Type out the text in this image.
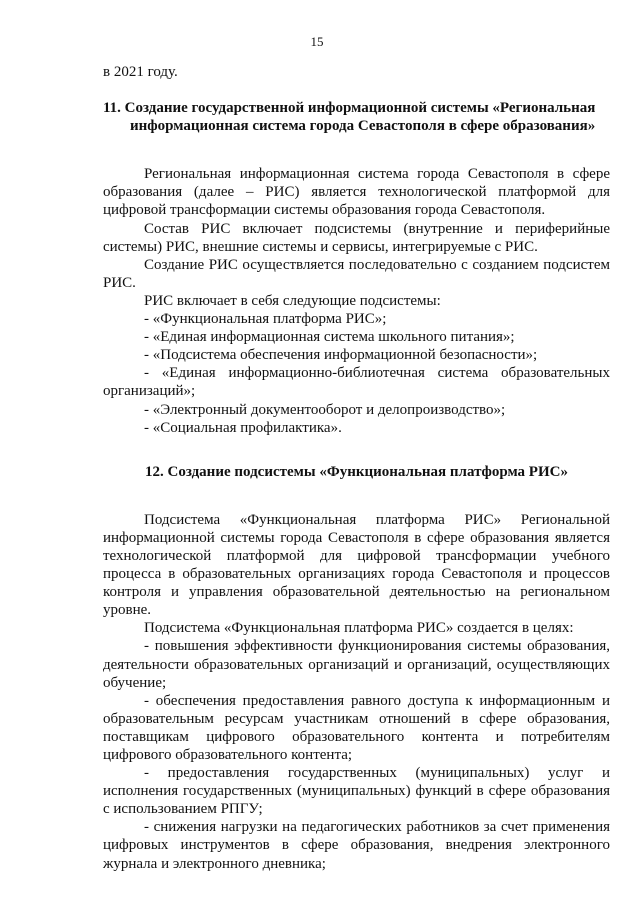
15

в 2021 году.

11. Создание государственной информационной системы «Региональная информационная система города Севастополя в сфере образования»

Региональная информационная система города Севастополя в сфере образования (далее – РИС) является технологической платформой для цифровой трансформации системы образования города Севастополя.

Состав РИС включает подсистемы (внутренние и периферийные системы) РИС, внешние системы и сервисы, интегрируемые с РИС.

Создание РИС осуществляется последовательно с созданием подсистем РИС.

РИС включает в себя следующие подсистемы:

- «Функциональная платформа РИС»;

- «Единая информационная система школьного питания»;

- «Подсистема обеспечения информационной безопасности»;

- «Единая информационно-библиотечная система образовательных организаций»;

- «Электронный документооборот и делопроизводство»;

- «Социальная профилактика».

12. Создание подсистемы «Функциональная платформа РИС»

Подсистема «Функциональная платформа РИС» Региональной информационной системы города Севастополя в сфере образования является технологической платформой для цифровой трансформации учебного процесса в образовательных организациях города Севастополя и процессов контроля и управления образовательной деятельностью на региональном уровне.

Подсистема «Функциональная платформа РИС» создается в целях:

- повышения эффективности функционирования системы образования, деятельности образовательных организаций и организаций, осуществляющих обучение;

- обеспечения предоставления равного доступа к информационным и образовательным ресурсам участникам отношений в сфере образования, поставщикам цифрового образовательного контента и потребителям цифрового образовательного контента;

- предоставления государственных (муниципальных) услуг и исполнения государственных (муниципальных) функций в сфере образования с использованием РПГУ;

- снижения нагрузки на педагогических работников за счет применения цифровых инструментов в сфере образования, внедрения электронного журнала и электронного дневника;
